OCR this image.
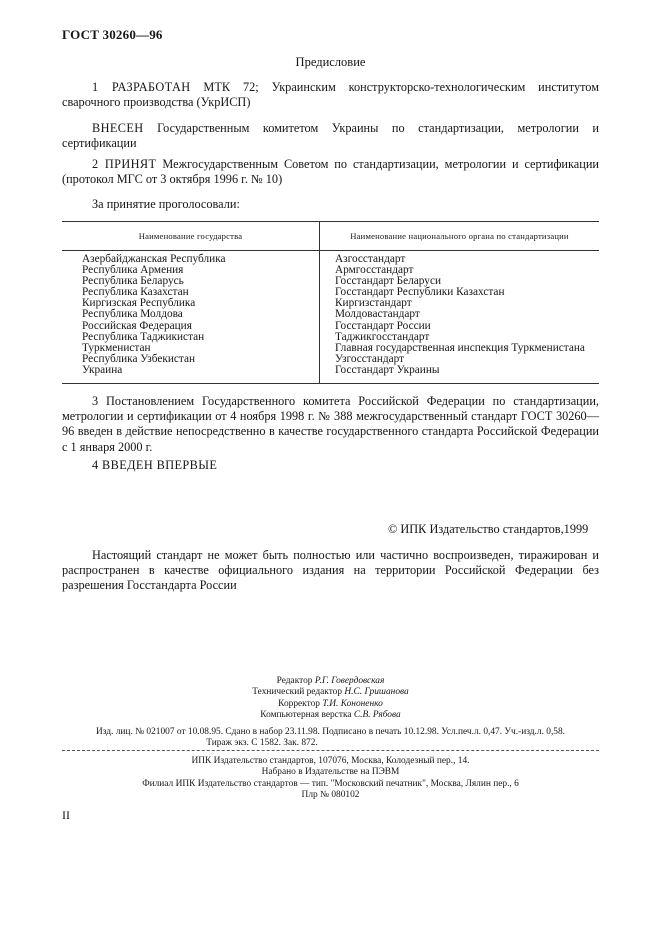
ГОСТ 30260—96
Предисловие
1 РАЗРАБОТАН МТК 72; Украинским конструкторско-технологическим институтом сварочного производства (УкрИСП)
ВНЕСЕН Государственным комитетом Украины по стандартизации, метрологии и сертификации
2 ПРИНЯТ Межгосударственным Советом по стандартизации, метрологии и сертификации (протокол МГС от 3 октября 1996 г. № 10)
За принятие проголосовали:
Наименование государства	Наименование национального органа по стандартизации
Азербайджанская Республика
Республика Армения
Республика Беларусь
Республика Казахстан
Киргизская Республика
Республика Молдова
Российская Федерация
Республика Таджикистан
Туркменистан
Республика Узбекистан
Украина
Азгосстандарт
Армгосстандарт
Госстандарт Беларуси
Госстандарт Республики Казахстан
Киргизстандарт
Молдовастандарт
Госстандарт России
Таджикгосстандарт
Главная государственная инспекция Туркменистана
Узгосстандарт
Госстандарт Украины
3 Постановлением Государственного комитета Российской Федерации по стандартизации, метрологии и сертификации от 4 ноября 1998 г. № 388 межгосударственный стандарт ГОСТ 30260—96 введен в действие непосредственно в качестве государственного стандарта Российской Федерации с 1 января 2000 г.
4 ВВЕДЕН ВПЕРВЫЕ
© ИПК Издательство стандартов,1999
Настоящий стандарт не может быть полностью или частично воспроизведен, тиражирован и распространен в качестве официального издания на территории Российской Федерации без разрешения Госстандарта России
Редактор Р.Г. Говердовская
Технический редактор Н.С. Гришанова
Корректор Т.И. Кононенко
Компьютерная верстка С.В. Рябова
Изд. лиц. № 021007 от 10.08.95. Сдано в набор 23.11.98. Подписано в печать 10.12.98. Усл.печ.л. 0,47. Уч.-изд.л. 0,58.
Тираж экз. С 1582. Зак. 872.
ИПК Издательство стандартов, 107076, Москва, Колодезный пер., 14.
Набрано в Издательстве на ПЭВМ
Филиал ИПК Издательство стандартов — тип. "Московский печатник", Москва, Лялин пер., 6
Плр № 080102
II
